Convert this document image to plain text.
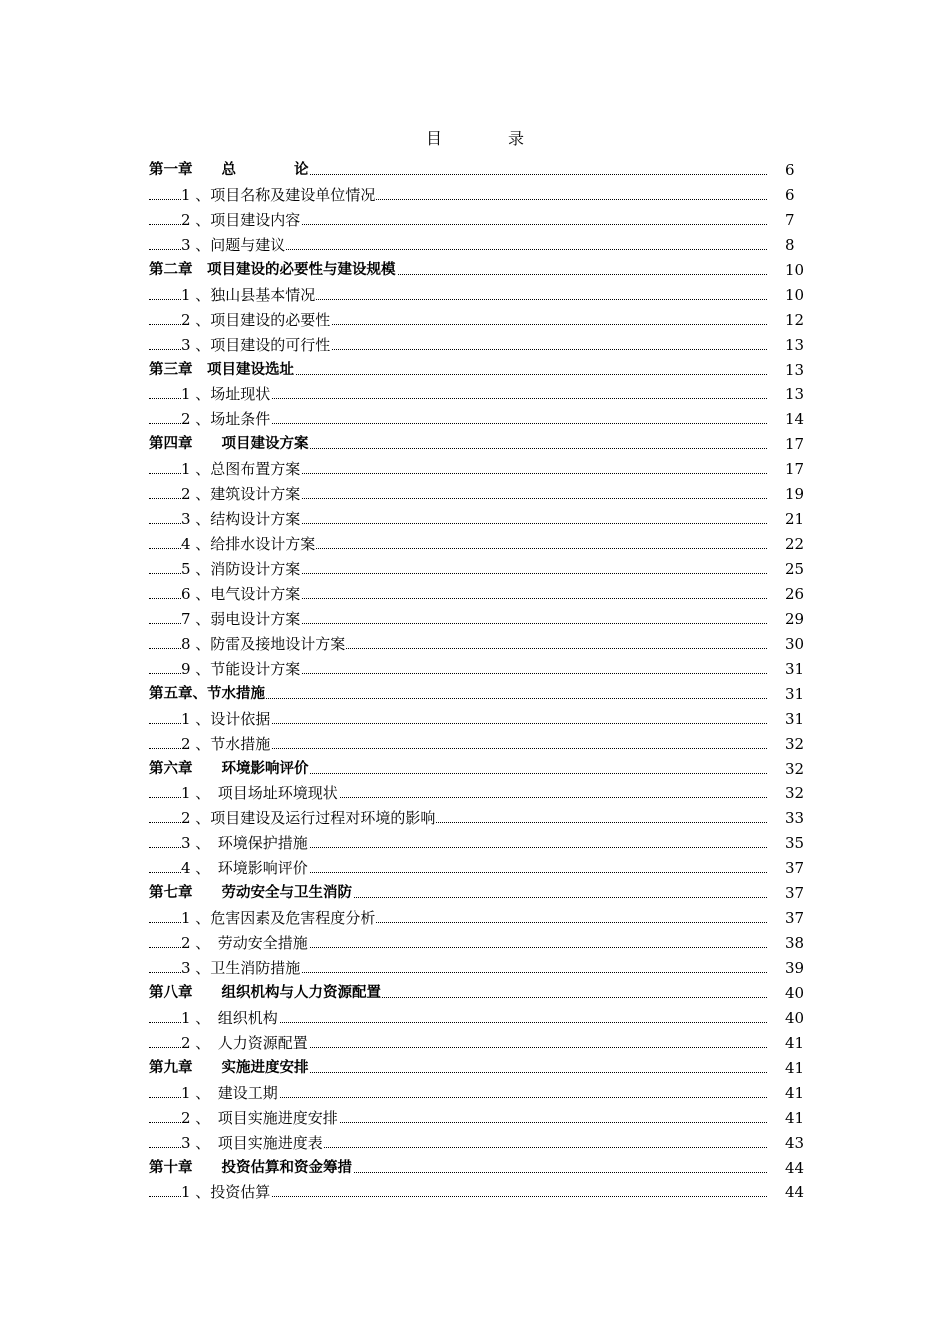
目	录
第一章　　总　　　　论	6
1 、项目名称及建设单位情况	6
2 、项目建设内容	7
3 、问题与建议	8
第二章　项目建设的必要性与建设规模	10
1 、独山县基本情况	10
2 、项目建设的必要性	12
3 、项目建设的可行性	13
第三章　项目建设选址	13
1 、场址现状	13
2 、场址条件	14
第四章　　项目建设方案	17
1 、总图布置方案	17
2 、建筑设计方案	19
3 、结构设计方案	21
4 、给排水设计方案	22
5 、消防设计方案	25
6 、电气设计方案	26
7 、弱电设计方案	29
8 、防雷及接地设计方案	30
9 、节能设计方案	31
第五章、节水措施	31
1 、设计依据	31
2 、节水措施	32
第六章　　环境影响评价	32
1 、　项目场址环境现状	32
2 、项目建设及运行过程对环境的影响	33
3 、　环境保护措施	35
4 、　环境影响评价	37
第七章　　劳动安全与卫生消防	37
1 、危害因素及危害程度分析	37
2 、　劳动安全措施	38
3 、卫生消防措施	39
第八章　　组织机构与人力资源配置	40
1 、　组织机构	40
2 、　人力资源配置	41
第九章　　实施进度安排	41
1 、　建设工期	41
2 、　项目实施进度安排	41
3 、　项目实施进度表	43
第十章　　投资估算和资金筹措	44
1 、投资估算	44
